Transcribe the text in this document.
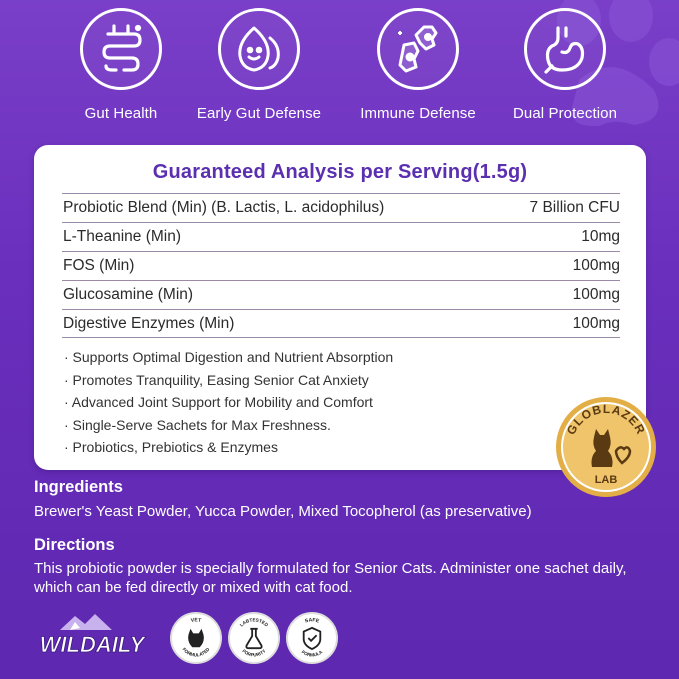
Gut Health	Early Gut Defense	Immune Defense	Dual Protection
Guaranteed Analysis per Serving(1.5g)
Probiotic Blend (Min) (B. Lactis, L. acidophilus)	7 Billion CFU
L-Theanine (Min)	10mg
FOS (Min)	100mg
Glucosamine (Min)	100mg
Digestive Enzymes (Min)	100mg
· Supports Optimal Digestion and Nutrient Absorption
· Promotes Tranquility, Easing Senior Cat Anxiety
· Advanced Joint Support for Mobility and Comfort
· Single-Serve Sachets for Max Freshness.
· Probiotics, Prebiotics & Enzymes
GLOBLAZER
LAB
Ingredients
Brewer's Yeast Powder, Yucca Powder, Mixed Tocopherol (as preservative)
Directions
This probiotic powder is specially formulated for Senior Cats. Administer one sachet daily, which can be fed directly or mixed with cat food.
WILDAILY
VET
FORMULATED
LABTESTED
FORPURITY
SAFE
FORMULA
